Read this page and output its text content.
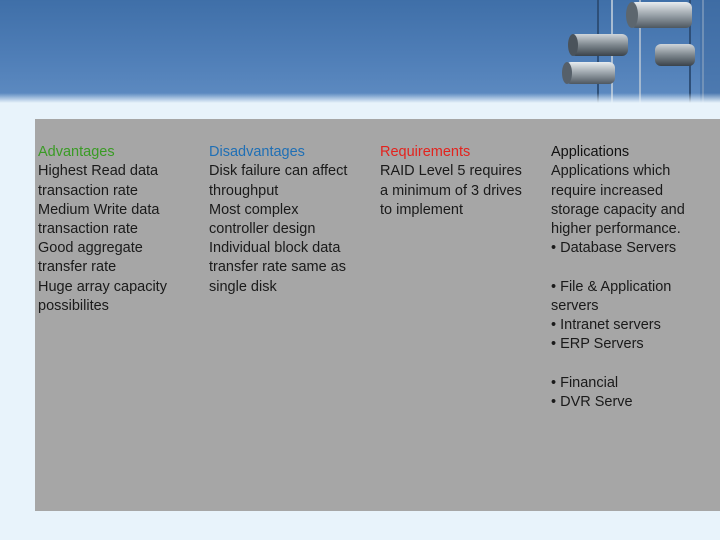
Advantages
Highest Read data
transaction rate
Medium Write data
transaction rate
Good aggregate
transfer rate
Huge array capacity
possibilites

Disadvantages
Disk failure can affect
throughput
Most complex
controller design
Individual block data
transfer rate same as
single disk

Requirements
RAID Level 5 requires
a minimum of 3 drives
to implement

Applications
Applications which
require increased
storage capacity and
higher performance.
• Database Servers

• File & Application
servers
• Intranet servers
• ERP Servers

• Financial
• DVR Serve
